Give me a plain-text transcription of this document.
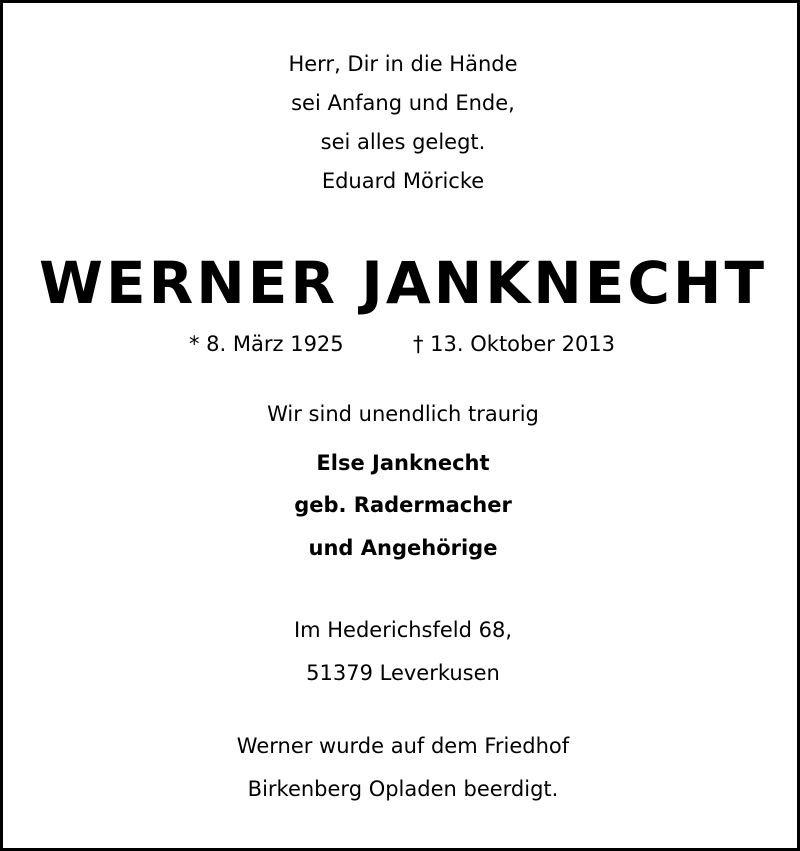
Herr, Dir in die Hände
sei Anfang und Ende,
sei alles gelegt.
Eduard Möricke
WERNER JANKNECHT
* 8. März 1925	† 13. Oktober 2013
Wir sind unendlich traurig
Else Janknecht
geb. Radermacher
und Angehörige
Im Hederichsfeld 68,
51379 Leverkusen
Werner wurde auf dem Friedhof
Birkenberg Opladen beerdigt.
